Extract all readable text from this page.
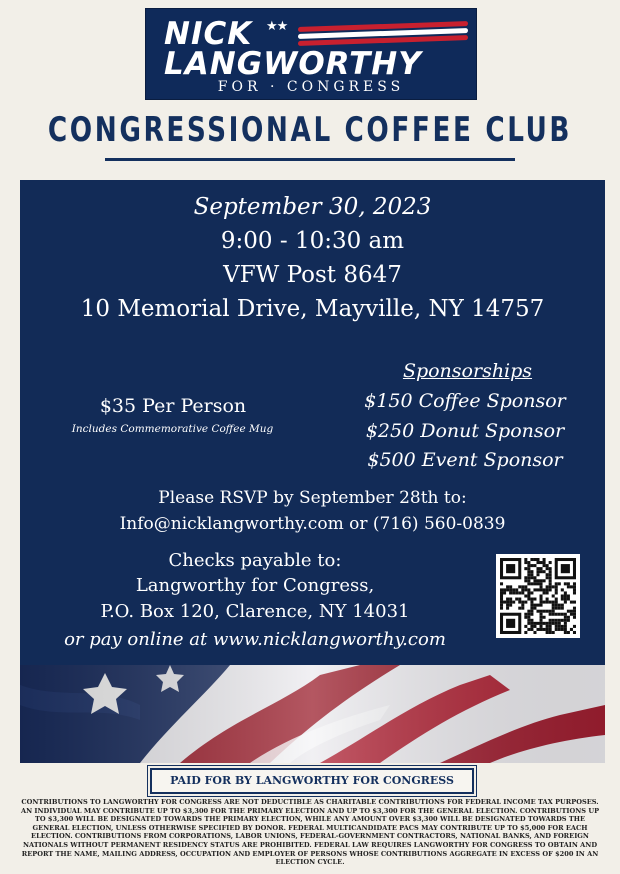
NICK ★★
LANGWORTHY
FOR · CONGRESS
CONGRESSIONAL COFFEE CLUB
September 30, 2023
9:00 - 10:30 am
VFW Post 8647
10 Memorial Drive, Mayville, NY 14757
$35 Per Person
Includes Commemorative Coffee Mug
Sponsorships
$150 Coffee Sponsor
$250 Donut Sponsor
$500 Event Sponsor
Please RSVP by September 28th to:
Info@nicklangworthy.com or (716) 560-0839
Checks payable to:
Langworthy for Congress,
P.O. Box 120, Clarence, NY 14031
or pay online at www.nicklangworthy.com
PAID FOR BY LANGWORTHY FOR CONGRESS
CONTRIBUTIONS TO LANGWORTHY FOR CONGRESS ARE NOT DEDUCTIBLE AS CHARITABLE CONTRIBUTIONS FOR FEDERAL INCOME TAX PURPOSES. AN INDIVIDUAL MAY CONTRIBUTE UP TO $3,300 FOR THE PRIMARY ELECTION AND UP TO $3,300 FOR THE GENERAL ELECTION. CONTRIBUTIONS UP TO $3,300 WILL BE DESIGNATED TOWARDS THE PRIMARY ELECTION, WHILE ANY AMOUNT OVER $3,300 WILL BE DESIGNATED TOWARDS THE GENERAL ELECTION, UNLESS OTHERWISE SPECIFIED BY DONOR. FEDERAL MULTICANDIDATE PACS MAY CONTRIBUTE UP TO $5,000 FOR EACH ELECTION. CONTRIBUTIONS FROM CORPORATIONS, LABOR UNIONS, FEDERAL-GOVERNMENT CONTRACTORS, NATIONAL BANKS, AND FOREIGN NATIONALS WITHOUT PERMANENT RESIDENCY STATUS ARE PROHIBITED. FEDERAL LAW REQUIRES LANGWORTHY FOR CONGRESS TO OBTAIN AND REPORT THE NAME, MAILING ADDRESS, OCCUPATION AND EMPLOYER OF PERSONS WHOSE CONTRIBUTIONS AGGREGATE IN EXCESS OF $200 IN AN ELECTION CYCLE.
